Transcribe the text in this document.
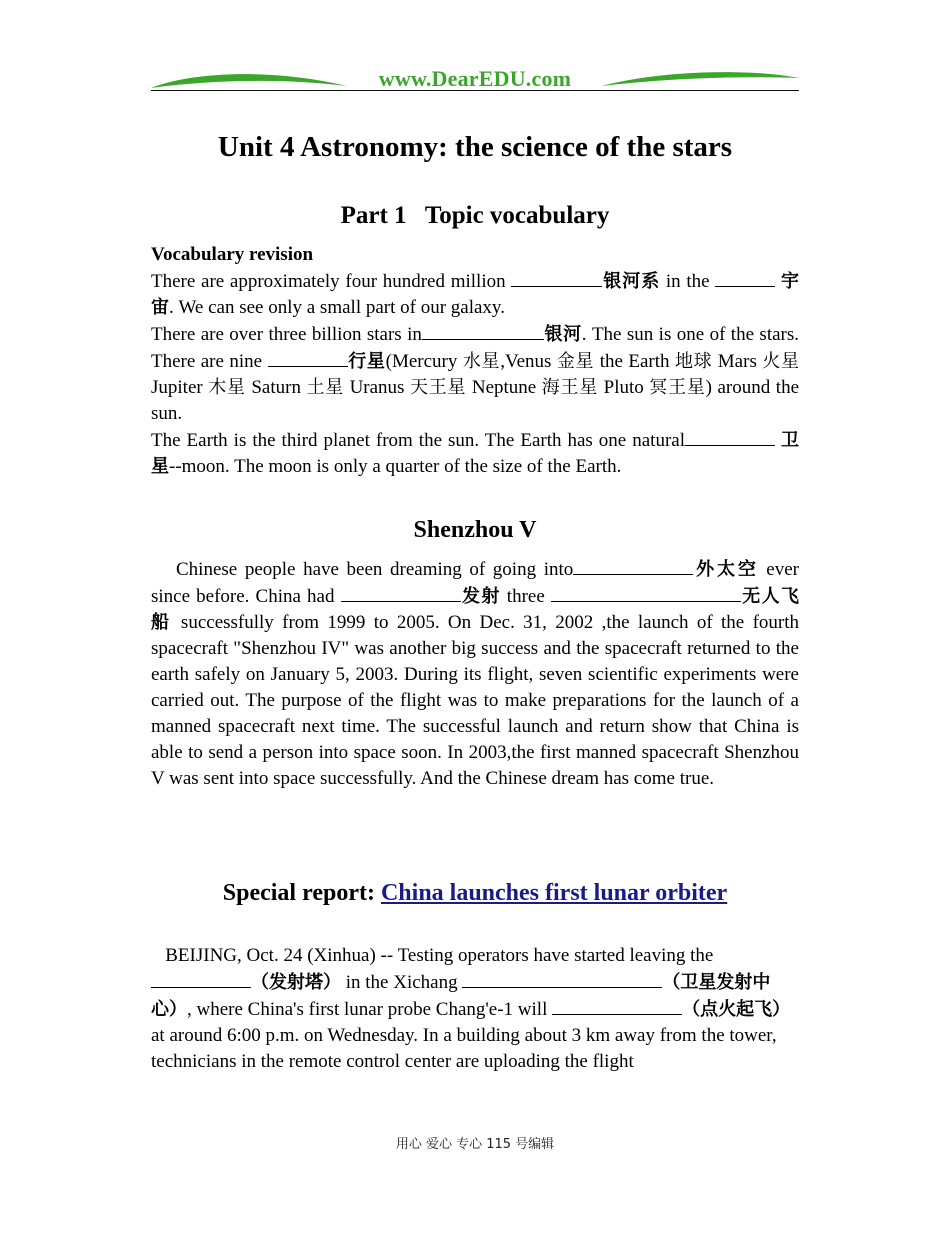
www.DearEDU.com
Unit 4 Astronomy: the science of the stars
Part 1   Topic vocabulary

Vocabulary revision

There are approximately four hundred million	银河系 in the	宇宙. We can see only a small part of our galaxy.

There are over three billion stars in	银河. The sun is one of the stars. There are nine	行星(Mercury 水星,Venus 金星 the Earth 地球 Mars 火星 Jupiter 木星 Saturn 土星 Uranus 天王星 Neptune 海王星 Pluto 冥王星) around the sun.

The Earth is the third planet from the sun. The Earth has one natural	卫星--moon. The moon is only a quarter of the size of the Earth.

Shenzhou V

Chinese people have been dreaming of going into	外太空 ever since before. China had	发射 three	无人飞船 successfully from 1999 to 2005. On Dec. 31, 2002 ,the launch of the fourth spacecraft "Shenzhou IV" was another big success and the spacecraft returned to the earth safely on January 5, 2003. During its flight, seven scientific experiments were carried out. The purpose of the flight was to make preparations for the launch of a manned spacecraft next time. The successful launch and return show that China is able to send a person into space soon. In 2003,the first manned spacecraft Shenzhou V was sent into space successfully. And the Chinese dream has come true.

Special report: China launches first lunar orbiter

BEIJING, Oct. 24 (Xinhua) -- Testing operators have started leaving the
（发射塔） in the Xichang	（卫星发射中心）, where China's first lunar probe Chang'e-1 will	（点火起飞）at around 6:00 p.m. on Wednesday. In a building about 3 km away from the tower, technicians in the remote control center are uploading the flight

用心 爱心 专心 115 号编辑
